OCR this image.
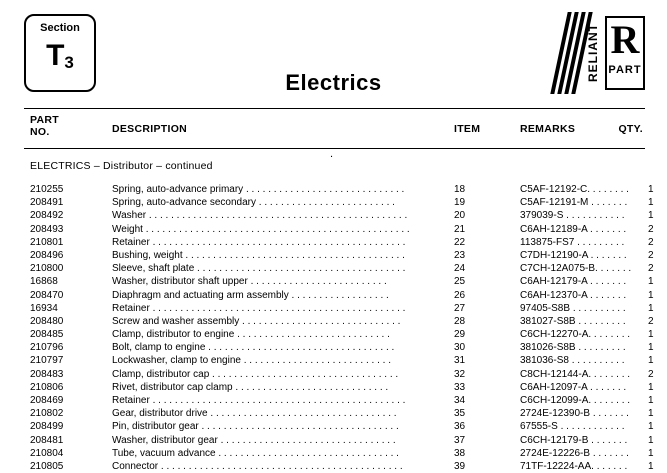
Section
$T_3$
Electrics	RELIANT R
PART
PART
NO.	DESCRIPTION	ITEM	REMARKS	QTY.
.
ELECTRICS – Distributor – continued
210255	Spring, auto-advance primary . . . . . . . . . . . . . . . . . . . . . . . . . . . . .	18	C5AF-12192-C. . . . . . . . 1
208491	Spring, auto-advance secondary . . . . . . . . . . . . . . . . . . . . . . . . .	19	C5AF-12191-M . . . . . . . 1
208492	Washer . . . . . . . . . . . . . . . . . . . . . . . . . . . . . . . . . . . . . . . . . . . . . . .	20	379039-S . . . . . . . . . . . 1
208493	Weight . . . . . . . . . . . . . . . . . . . . . . . . . . . . . . . . . . . . . . . . . . . . . . . .	21	C6AH-12189-A . . . . . . . 2
210801	Retainer . . . . . . . . . . . . . . . . . . . . . . . . . . . . . . . . . . . . . . . . . . . . . .	22	113875-FS7 . . . . . . . . . 2
208496	Bushing, weight . . . . . . . . . . . . . . . . . . . . . . . . . . . . . . . . . . . . . . . .	23	C7DH-12190-A . . . . . . . 2
210800	Sleeve, shaft plate . . . . . . . . . . . . . . . . . . . . . . . . . . . . . . . . . . . . . .	24	C7CH-12A075-B. . . . . . . 2
16868	Washer, distributor shaft upper . . . . . . . . . . . . . . . . . . . . . . . . .	25	C6AH-12179-A . . . . . . . 1
208470	Diaphragm and actuating arm assembly . . . . . . . . . . . . . . . . . .	26	C6AH-12370-A . . . . . . . 1
16934	Retainer . . . . . . . . . . . . . . . . . . . . . . . . . . . . . . . . . . . . . . . . . . . . . .	27	97405-S8B . . . . . . . . . . 1
208480	Screw and washer assembly . . . . . . . . . . . . . . . . . . . . . . . . . . . . .	28	381027-S8B . . . . . . . . . 2
208485	Clamp, distributor to engine . . . . . . . . . . . . . . . . . . . . . . . . . . . .	29	C6CH-12270-A. . . . . . . . 1
210796	Bolt, clamp to engine . . . . . . . . . . . . . . . . . . . . . . . . . . . . . . . . . .	30	381026-S8B . . . . . . . . . 1
210797	Lockwasher, clamp to engine . . . . . . . . . . . . . . . . . . . . . . . . . . .	31	381036-S8 . . . . . . . . . . 1
208483	Clamp, distributor cap . . . . . . . . . . . . . . . . . . . . . . . . . . . . . . . . . .	32	C8CH-12144-A. . . . . . . . 2
210806	Rivet, distributor cap clamp . . . . . . . . . . . . . . . . . . . . . . . . . . . .	33	C6AH-12097-A . . . . . . . 1
208469	Retainer . . . . . . . . . . . . . . . . . . . . . . . . . . . . . . . . . . . . . . . . . . . . . .	34	C6CH-12099-A. . . . . . . . 1
210802	Gear, distributor drive . . . . . . . . . . . . . . . . . . . . . . . . . . . . . . . . . .	35	2724E-12390-B . . . . . . . 1
208499	Pin, distributor gear . . . . . . . . . . . . . . . . . . . . . . . . . . . . . . . . . . . .	36	67555-S . . . . . . . . . . . . 1
208481	Washer, distributor gear . . . . . . . . . . . . . . . . . . . . . . . . . . . . . . . .	37	C6CH-12179-B . . . . . . . 1
210804	Tube, vacuum advance . . . . . . . . . . . . . . . . . . . . . . . . . . . . . . . . .	38	2724E-12226-B . . . . . . . 1
210805	Connector . . . . . . . . . . . . . . . . . . . . . . . . . . . . . . . . . . . . . . . . . . . .	39	71TF-12224-AA. . . . . . . 1
